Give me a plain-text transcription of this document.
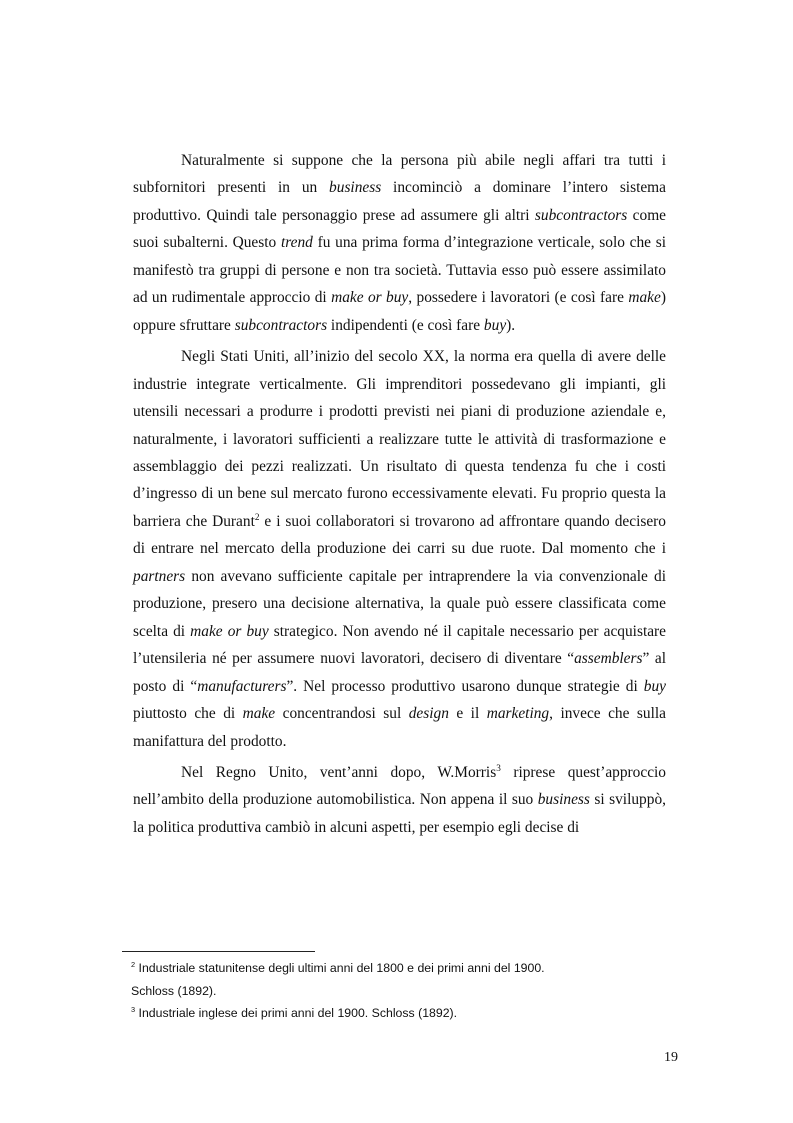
Naturalmente si suppone che la persona più abile negli affari tra tutti i subfornitori presenti in un business incominciò a dominare l’intero sistema produttivo. Quindi tale personaggio prese ad assumere gli altri subcontractors come suoi subalterni. Questo trend fu una prima forma d’integrazione verticale, solo che si manifestò tra gruppi di persone e non tra società. Tuttavia esso può essere assimilato ad un rudimentale approccio di make or buy, possedere i lavoratori (e così fare make) oppure sfruttare subcontractors indipendenti (e così fare buy).

Negli Stati Uniti, all’inizio del secolo XX, la norma era quella di avere delle industrie integrate verticalmente. Gli imprenditori possedevano gli impianti, gli utensili necessari a produrre i prodotti previsti nei piani di produzione aziendale e, naturalmente, i lavoratori sufficienti a realizzare tutte le attività di trasformazione e assemblaggio dei pezzi realizzati. Un risultato di questa tendenza fu che i costi d’ingresso di un bene sul mercato furono eccessivamente elevati. Fu proprio questa la barriera che Durant$^2$ e i suoi collaboratori si trovarono ad affrontare quando decisero di entrare nel mercato della produzione dei carri su due ruote. Dal momento che i partners non avevano sufficiente capitale per intraprendere la via convenzionale di produzione, presero una decisione alternativa, la quale può essere classificata come scelta di make or buy strategico. Non avendo né il capitale necessario per acquistare l’utensileria né per assumere nuovi lavoratori, decisero di diventare “assemblers” al posto di “manufacturers”. Nel processo produttivo usarono dunque strategie di buy piuttosto che di make concentrandosi sul design e il marketing, invece che sulla manifattura del prodotto.

Nel Regno Unito, vent’anni dopo, W.Morris$^3$ riprese quest’approccio nell’ambito della produzione automobilistica. Non appena il suo business si sviluppò, la politica produttiva cambiò in alcuni aspetti, per esempio egli decise di

$^2$ Industriale statunitense degli ultimi anni del 1800 e dei primi anni del 1900.
Schloss (1892).
$^3$ Industriale inglese dei primi anni del 1900. Schloss (1892).
19
